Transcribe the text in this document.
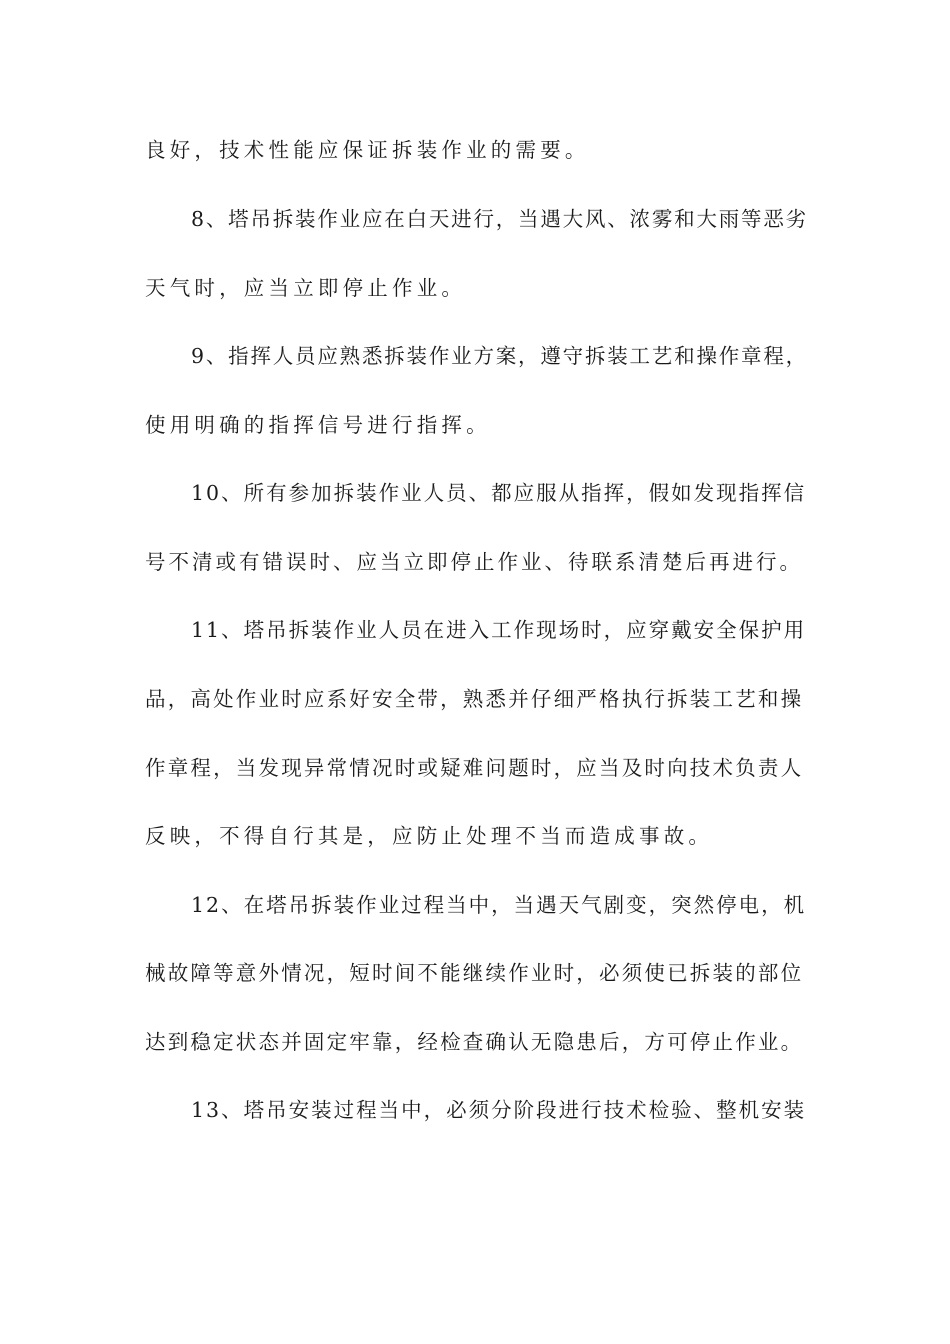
良好，技术性能应保证拆装作业的需要。
8、塔吊拆装作业应在白天进行，当遇大风、浓雾和大雨等恶劣
天气时，应当立即停止作业。
9、指挥人员应熟悉拆装作业方案，遵守拆装工艺和操作章程，
使用明确的指挥信号进行指挥。
10、所有参加拆装作业人员、都应服从指挥，假如发现指挥信
号不清或有错误时、应当立即停止作业、待联系清楚后再进行。
11、塔吊拆装作业人员在进入工作现场时，应穿戴安全保护用
品，高处作业时应系好安全带，熟悉并仔细严格执行拆装工艺和操
作章程，当发现异常情况时或疑难问题时，应当及时向技术负责人
反映，不得自行其是，应防止处理不当而造成事故。
12、在塔吊拆装作业过程当中，当遇天气剧变，突然停电，机
械故障等意外情况，短时间不能继续作业时，必须使已拆装的部位
达到稳定状态并固定牢靠，经检查确认无隐患后，方可停止作业。
13、塔吊安装过程当中，必须分阶段进行技术检验、整机安装
